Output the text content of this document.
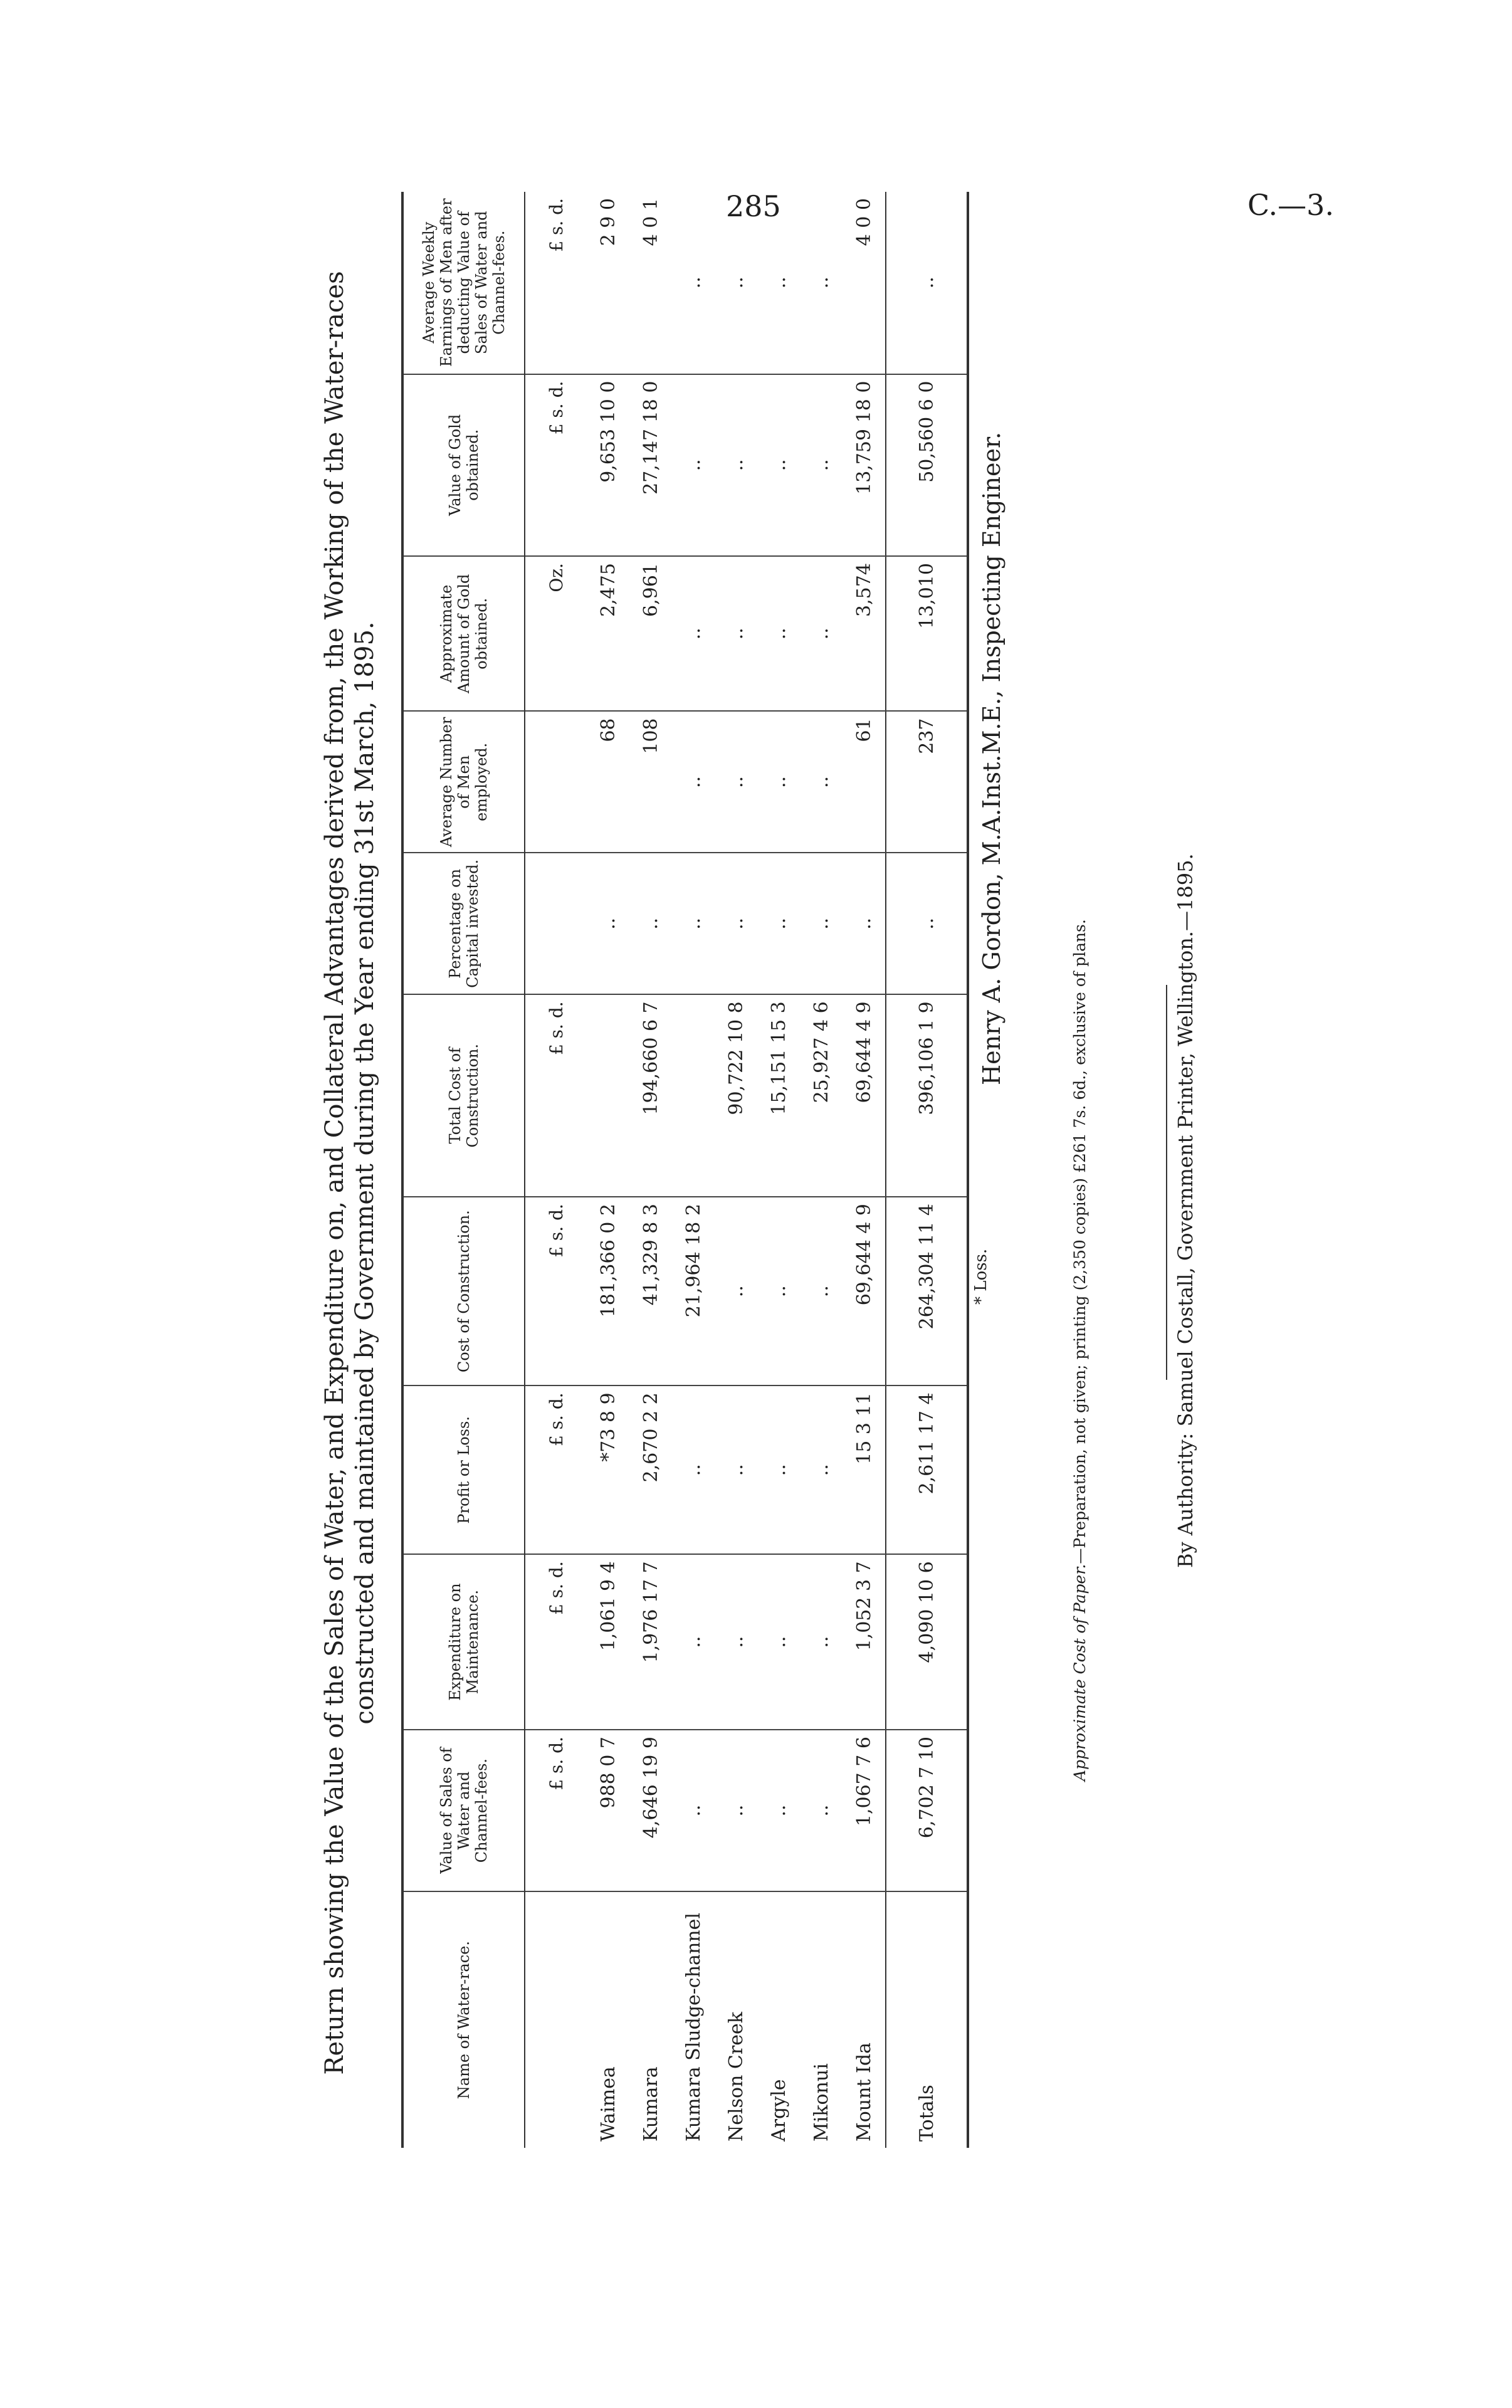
285	C.—3.
Return showing the Value of the Sales of Water, and Expenditure on, and Collateral Advantages derived from, the Working of the Water-races constructed and maintained by Government during the Year ending 31st March, 1895.
Name of Water-race.	Value of Sales of Water and Channel-fees.	Expenditure on Maintenance.	Profit or Loss.	Cost of Construction.	Total Cost of Construction.	Percentage on Capital invested.	Average Number of Men employed.	Approximate Amount of Gold obtained.	Value of Gold obtained.	Average Weekly Earnings of Men after deducting Value of Sales of Water and Channel-fees.
	£ s. d.	£ s. d.	£ s. d.	£ s. d.	£ s. d.			Oz.	£ s. d.	£ s. d.
Waimea	988 0 7	1,061 9 4	*73 8 9	181,366 0 2		..	68	2,475	9,653 10 0	2 9 0
Kumara	4,646 19 9	1,976 17 7	2,670 2 2	41,329 8 3	194,660 6 7	..	108	6,961	27,147 18 0	4 0 1
Kumara Sludge-channel	..	..	..	21,964 18 2		..	..	..	..	..
Nelson Creek	..	..	..	..	90,722 10 8	..	..	..	..	..
Argyle	..	..	..	..	15,151 15 3	..	..	..	..	..
Mikonui	..	..	..	..	25,927 4 6	..	..	..	..	..
Mount Ida	1,067 7 6	1,052 3 7	15 3 11	69,644 4 9	69,644 4 9	..	61	3,574	13,759 18 0	4 0 0
Totals	6,702 7 10	4,090 10 6	2,611 17 4	264,304 11 4	396,106 1 9	..	237	13,010	50,560 6 0	..
* Loss.
Henry A. Gordon, M.A.Inst.M.E., Inspecting Engineer.
Approximate Cost of Paper.—Preparation, not given; printing (2,350 copies) £261 7s. 6d., exclusive of plans.	By Authority: Samuel Costall, Government Printer, Wellington.—1895.
